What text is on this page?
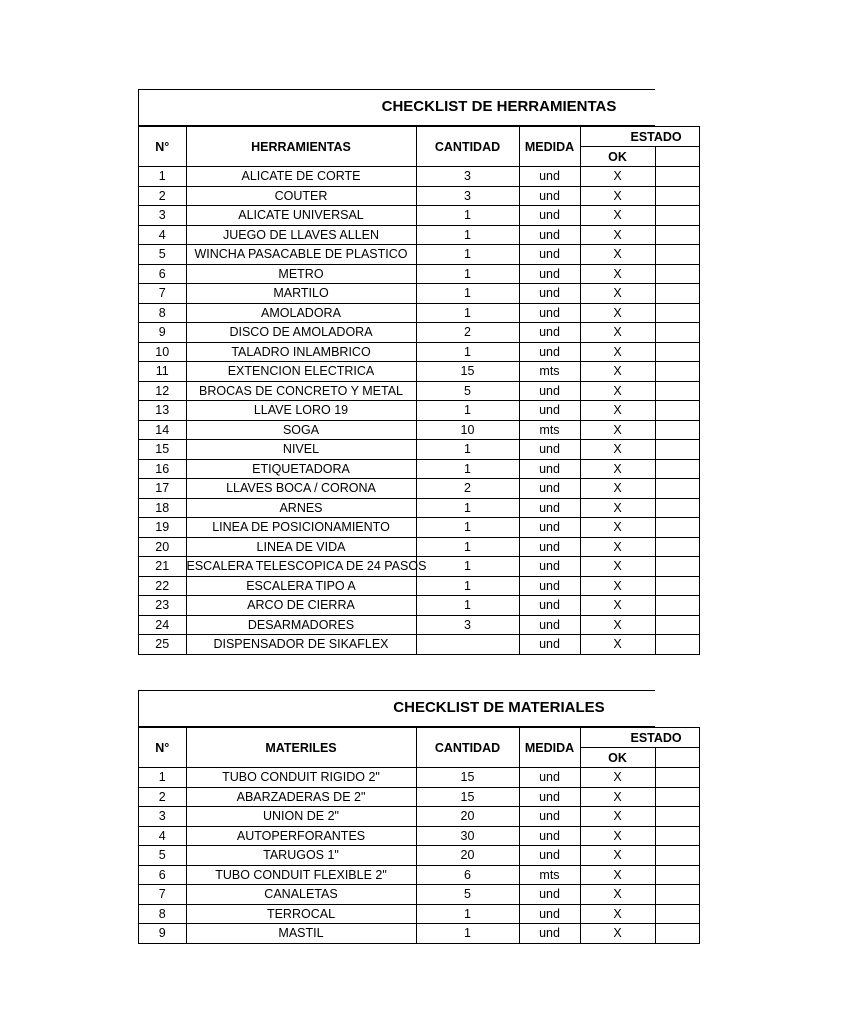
CHECKLIST DE HERRAMIENTAS
N°	HERRAMIENTAS	CANTIDAD	MEDIDA	ESTADO	
				OK	
1	ALICATE DE CORTE	3	und	X	
2	COUTER	3	und	X	
3	ALICATE UNIVERSAL	1	und	X	
4	JUEGO DE LLAVES ALLEN	1	und	X	
5	WINCHA PASACABLE DE PLASTICO	1	und	X	
6	METRO	1	und	X	
7	MARTILO	1	und	X	
8	AMOLADORA	1	und	X	
9	DISCO DE AMOLADORA	2	und	X	
10	TALADRO INLAMBRICO	1	und	X	
11	EXTENCION ELECTRICA	15	mts	X	
12	BROCAS DE CONCRETO Y METAL	5	und	X	
13	LLAVE LORO 19	1	und	X	
14	SOGA	10	mts	X	
15	NIVEL	1	und	X	
16	ETIQUETADORA	1	und	X	
17	LLAVES BOCA / CORONA	2	und	X	
18	ARNES	1	und	X	
19	LINEA DE POSICIONAMIENTO	1	und	X	
20	LINEA DE VIDA	1	und	X	
21	ESCALERA TELESCOPICA DE 24 PASOS	1	und	X	
22	ESCALERA TIPO A	1	und	X	
23	ARCO DE CIERRA	1	und	X	
24	DESARMADORES	3	und	X	
25	DISPENSADOR DE SIKAFLEX		und	X	
CHECKLIST DE MATERIALES
N°	MATERILES	CANTIDAD	MEDIDA	ESTADO	
				OK	
1	TUBO CONDUIT RIGIDO 2"	15	und	X	
2	ABARZADERAS DE 2"	15	und	X	
3	UNION DE 2"	20	und	X	
4	AUTOPERFORANTES	30	und	X	
5	TARUGOS 1"	20	und	X	
6	TUBO CONDUIT FLEXIBLE 2"	6	mts	X	
7	CANALETAS	5	und	X	
8	TERROCAL	1	und	X	
9	MASTIL	1	und	X	
